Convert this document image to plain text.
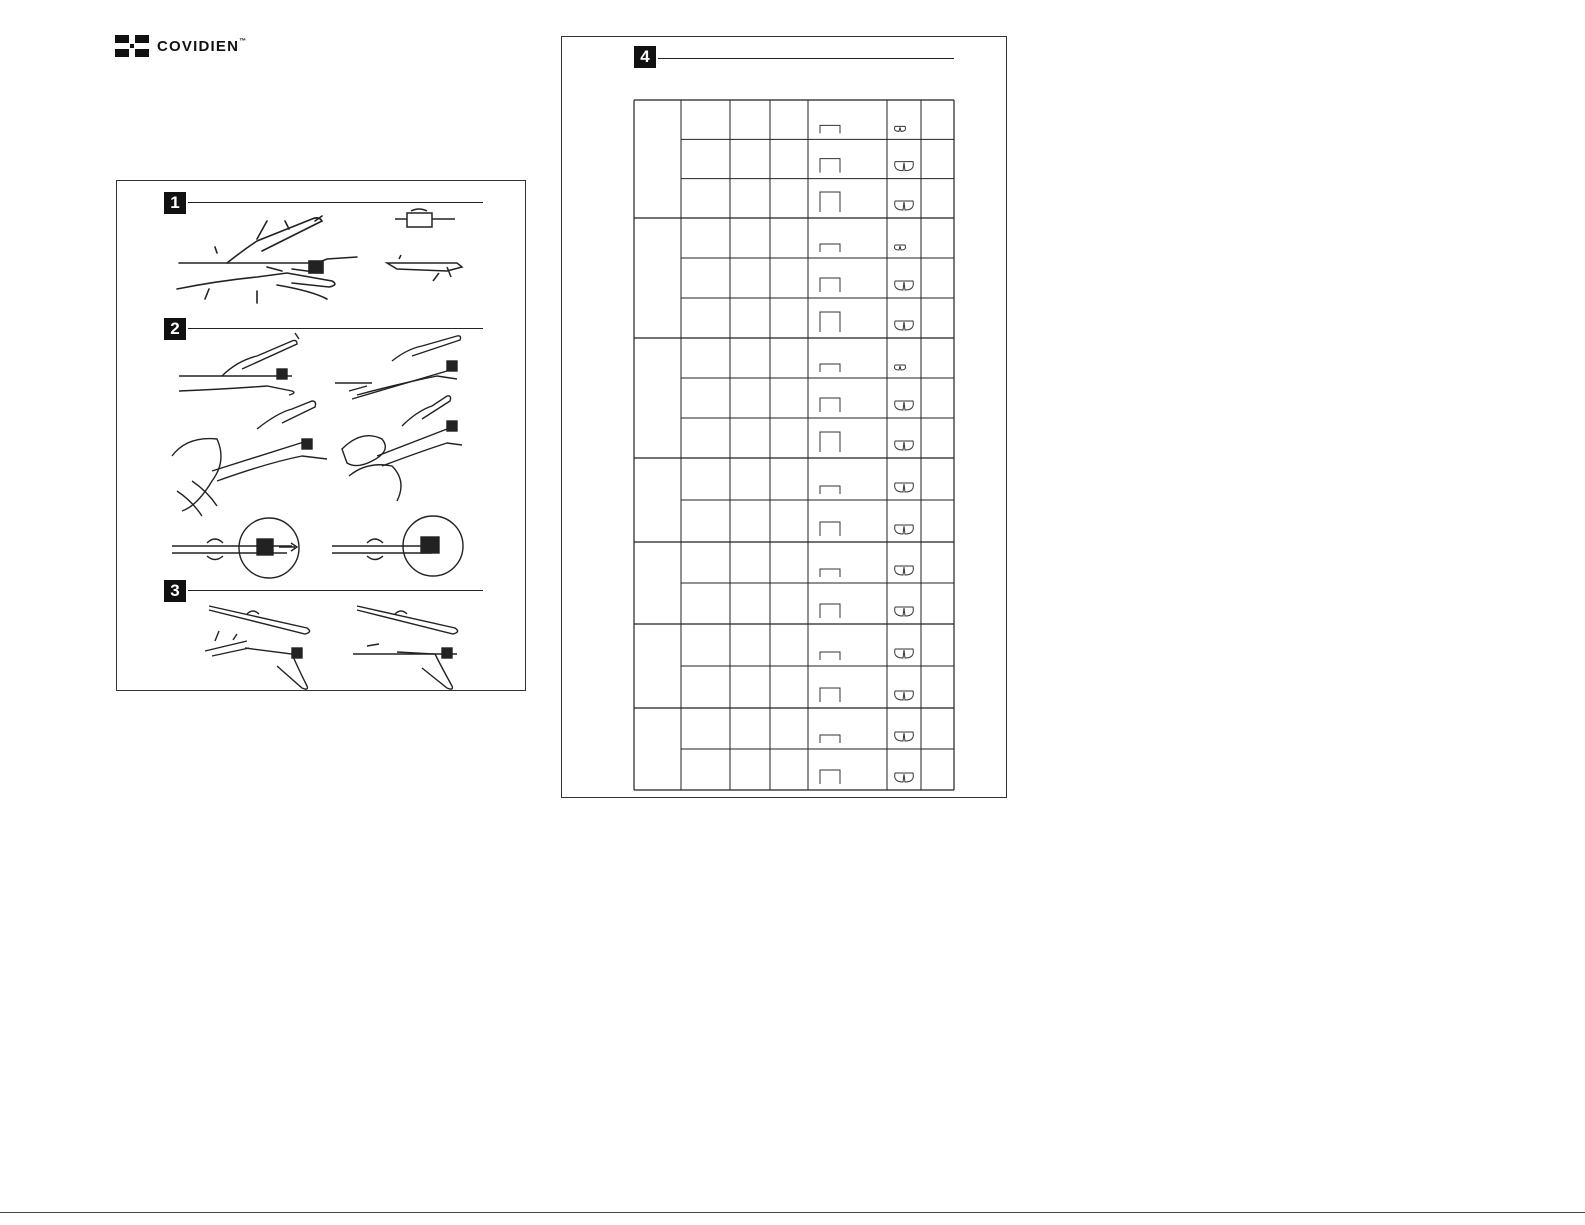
COVIDIEN™
1
2
3
4
